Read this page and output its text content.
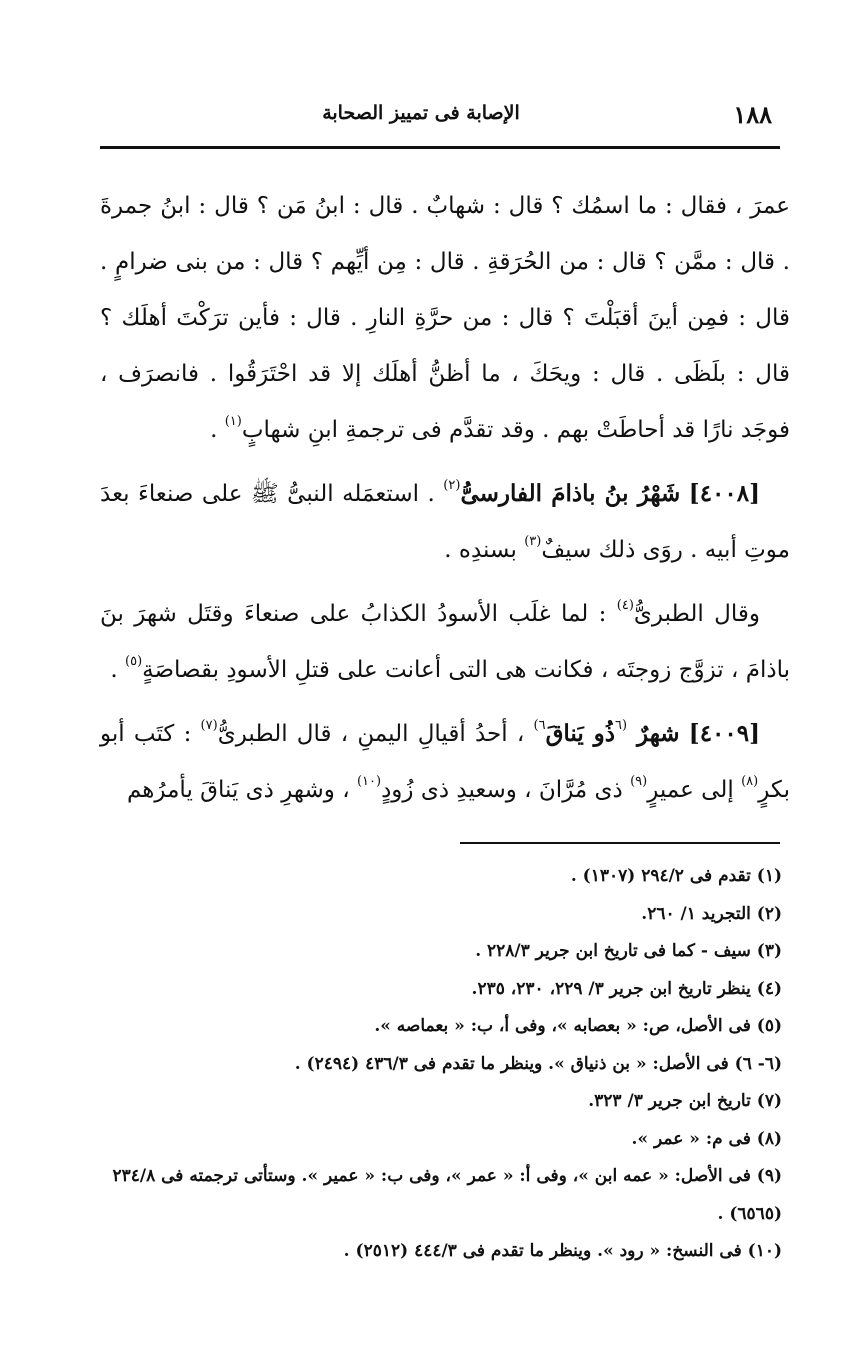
١٨٨
الإصابة فى تمييز الصحابة

عمرَ ، فقال : ما اسمُك ؟ قال : شهابٌ . قال : ابنُ مَن ؟ قال : ابنُ جمرةَ . قال : ممَّن ؟ قال : من الحُرَقةِ . قال : مِن أيِّهم ؟ قال : من بنى ضرامٍ . قال : فمِن أينَ أقبَلْتَ ؟ قال : من حرَّةِ النارِ . قال : فأين ترَكْتَ أهلَك ؟ قال : بلَظَى . قال : ويحَكَ ، ما أظنُّ أهلَك إلا قد احْتَرَقُوا . فانصرَف ، فوجَد نارًا قد أحاطَتْ بهم . وقد تقدَّم فى ترجمةِ ابنِ شهابٍ$^{(١)}$ .

[٤٠٠٨] شَهْرُ بنُ باذامَ الفارسىُّ$^{(٢)}$ . استعمَله النبىُّ ﷺ على صنعاءَ بعدَ موتِ أبيه . روَى ذلك سيفٌ$^{(٣)}$ بسندِه .

وقال الطبرىُّ$^{(٤)}$ : لما غلَب الأسودُ الكذابُ على صنعاءَ وقتَل شهرَ بنَ باذامَ ، تزوَّج زوجتَه ، فكانت هى التى أعانت على قتلِ الأسودِ بقصاصَةٍ$^{(٥)}$ .

[٤٠٠٩] شهرٌ $^{(٦}$ذُو يَناقَ$^{٦)}$ ، أحدُ أقيالِ اليمنِ ، قال الطبرىُّ$^{(٧)}$ : كتَب أبو بكرٍ$^{(٨)}$ إلى عميرٍ$^{(٩)}$ ذى مُرَّانَ ، وسعيدِ ذى زُودٍ$^{(١٠)}$ ، وشهرِ ذى يَناقَ يأمرُهم

(١) تقدم فى ٢٩٤/٢ (١٣٠٧) .
(٢) التجريد ١/ ٢٦٠.
(٣) سيف - كما فى تاريخ ابن جرير ٢٢٨/٣ .
(٤) ينظر تاريخ ابن جرير ٣/ ٢٢٩، ٢٣٠، ٢٣٥.
(٥) فى الأصل، ص: « بعصابه »، وفى أ، ب: « بعماصه ».
(٦- ٦) فى الأصل: « بن ذنياق ». وينظر ما تقدم فى ٤٣٦/٣ (٢٤٩٤) .
(٧) تاريخ ابن جرير ٣/ ٣٢٣.
(٨) فى م: « عمر ».
(٩) فى الأصل: « عمه ابن »، وفى أ: « عمر »، وفى ب: « عمير ». وستأتى ترجمته فى ٢٣٤/٨ (٦٥٦٥) .
(١٠) فى النسخ: « رود ». وينظر ما تقدم فى ٤٤٤/٣ (٢٥١٢) .
